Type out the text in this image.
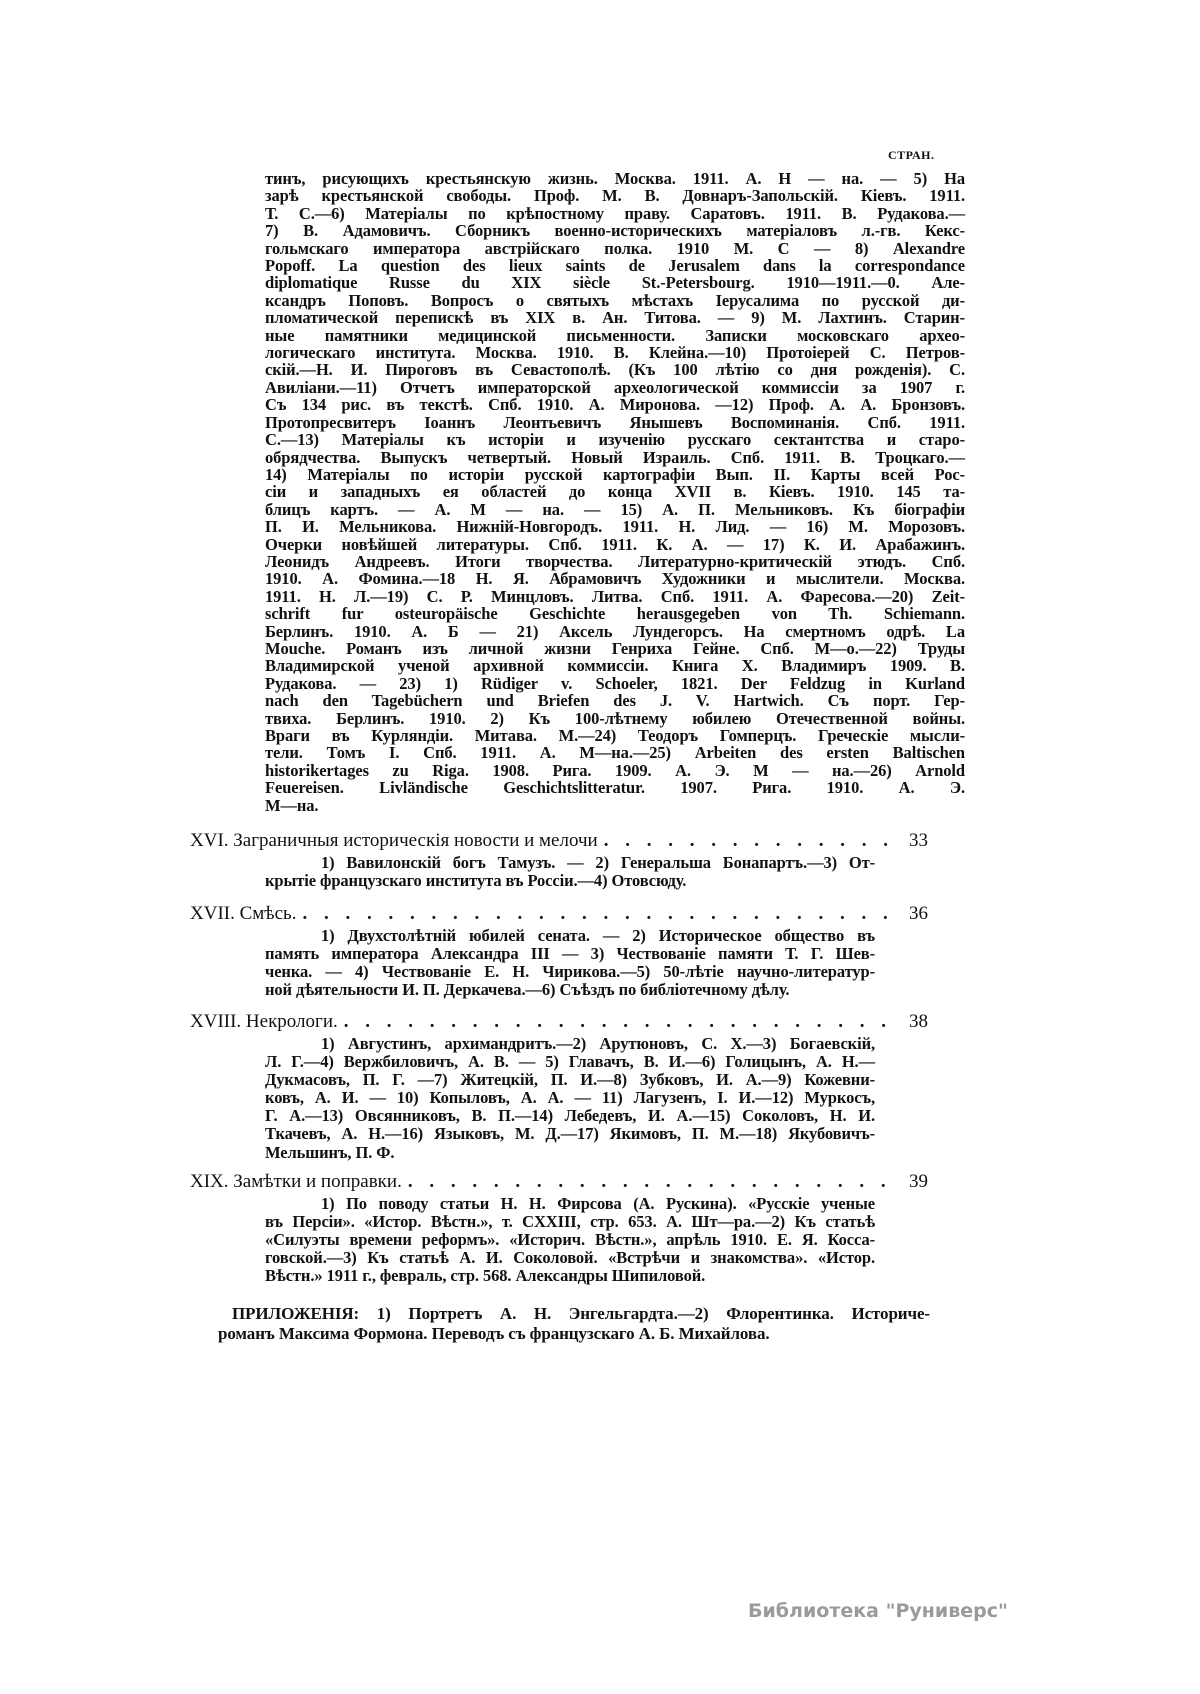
СТРАН.
тинъ, рисующихъ крестьянскую жизнь. Москва. 1911. А. Н — на. — 5) На
зарѣ крестьянской свободы. Проф. М. В. Довнаръ-Запольскій. Кіевъ. 1911.
Т. С.—6) Матеріалы по крѣпостному праву. Саратовъ. 1911. В. Рудакова.—
7) В. Адамовичъ. Сборникъ военно-историческихъ матеріаловъ л.-гв. Кекс-
гольмскаго императора австрійскаго полка. 1910 М. С — 8) Alexandre
Popoff. La question des lieux saints de Jerusalem dans la correspondance
diplomatique Russe du XIX siècle St.-Petersbourg. 1910—1911.—0. Але-
ксандръ Поповъ. Вопросъ о святыхъ мѣстахъ Іерусалима по русской ди-
пломатической перепискѣ въ XIX в. Ан. Титова. — 9) М. Лахтинъ. Старин-
ные памятники медицинской письменности. Записки московскаго архео-
логическаго института. Москва. 1910. В. Клейна.—10) Протоіерей С. Петров-
скій.—Н. И. Пироговъ въ Севастополѣ. (Къ 100 лѣтію со дня рожденія). С.
Авиліани.—11) Отчетъ императорской археологической коммиссіи за 1907 г.
Съ 134 рис. въ текстѣ. Спб. 1910. А. Миронова. —12) Проф. А. А. Бронзовъ.
Протопресвитеръ Іоаннъ Леонтьевичъ Янышевъ Воспоминанія. Спб. 1911.
С.—13) Матеріалы къ исторіи и изученію русскаго сектантства и старо-
обрядчества. Выпускъ четвертый. Новый Израиль. Спб. 1911. В. Троцкаго.—
14) Матеріалы по исторіи русской картографіи Вып. II. Карты всей Рос-
сіи и западныхъ ея областей до конца XVII в. Кіевъ. 1910. 145 та-
блицъ картъ. — А. М — на. — 15) А. П. Мельниковъ. Къ біографіи
П. И. Мельникова. Нижній-Новгородъ. 1911. Н. Лид. — 16) М. Морозовъ.
Очерки новѣйшей литературы. Спб. 1911. К. А. — 17) К. И. Арабажинъ.
Леонидъ Андреевъ. Итоги творчества. Литературно-критическій этюдъ. Спб.
1910. А. Фомина.—18 Н. Я. Абрамовичъ Художники и мыслители. Москва.
1911. Н. Л.—19) С. Р. Минцловъ. Литва. Спб. 1911. А. Фаресова.—20) Zeit-
schrift fur osteuropäische Geschichte herausgegeben von Th. Schiemann.
Берлинъ. 1910. А. Б — 21) Аксель Лундегорсъ. На смертномъ одрѣ. La
Mouche. Романъ изъ личной жизни Генриха Гейне. Спб. М—о.—22) Труды
Владимирской ученой архивной коммиссіи. Книга X. Владимиръ 1909. В.
Рудакова. — 23) 1) Rüdiger v. Schoeler, 1821. Der Feldzug in Kurland
nach den Tagebüchern und Briefen des J. V. Hartwich. Съ порт. Гер-
твиха. Берлинъ. 1910. 2) Къ 100-лѣтнему юбилею Отечественной войны.
Враги въ Курляндіи. Митава. М.—24) Теодоръ Гомперцъ. Греческіе мысли-
тели. Томъ I. Спб. 1911. А. М—на.—25) Arbeiten des ersten Baltischen
historikertages zu Riga. 1908. Рига. 1909. А. Э. М — на.—26) Arnold
Feuereisen. Livländische Geschichtslitteratur. 1907. Рига. 1910. А. Э.
М—на.
XVI. Заграничныя историческія новости и мелочи . . .	33
1) Вавилонскій богъ Тамузъ. — 2) Генеральша Бонапартъ.—3) От-
крытіе французскаго института въ Россіи.—4) Отовсюду.
XVII. Смѣсь. . . .	36
1) Двухстолѣтній юбилей сената. — 2) Историческое общество въ
память императора Александра III — 3) Чествованіе памяти Т. Г. Шев-
ченка. — 4) Чествованіе Е. Н. Чирикова.—5) 50-лѣтіе научно-литератур-
ной дѣятельности И. П. Деркачева.—6) Съѣздъ по библіотечному дѣлу.
XVIII. Некрологи. . . .	38
1) Августинъ, архимандритъ.—2) Арутюновъ, С. Х.—3) Богаевскій,
Л. Г.—4) Вержбиловичъ, А. В. — 5) Главачъ, В. И.—6) Голицынъ, А. Н.—
Дукмасовъ, П. Г. —7) Житецкій, П. И.—8) Зубковъ, И. А.—9) Кожевни-
ковъ, А. И. — 10) Копыловъ, А. А. — 11) Лагузенъ, І. И.—12) Муркосъ,
Г. А.—13) Овсянниковъ, В. П.—14) Лебедевъ, И. А.—15) Соколовъ, Н. И.
Ткачевъ, А. Н.—16) Языковъ, М. Д.—17) Якимовъ, П. М.—18) Якубовичъ-
Мельшинъ, П. Ф.
XIX. Замѣтки и поправки. . . .	39
1) По поводу статьи Н. Н. Фирсова (А. Рускина). «Русскіе ученые
въ Персіи». «Истор. Вѣстн.», т. CXXIII, стр. 653. А. Шт—ра.—2) Къ статьѣ
«Силуэты времени реформъ». «Историч. Вѣстн.», апрѣль 1910. Е. Я. Косса-
говской.—3) Къ статьѣ А. И. Соколовой. «Встрѣчи и знакомства». «Истор.
Вѣстн.» 1911 г., февраль, стр. 568. Александры Шипиловой.
ПРИЛОЖЕНІЯ: 1) Портретъ А. Н. Энгельгардта.—2) Флорентинка. Историче-
романъ Максима Формона. Переводъ съ французскаго А. Б. Михайлова.
Библиотека "Руниверс"
